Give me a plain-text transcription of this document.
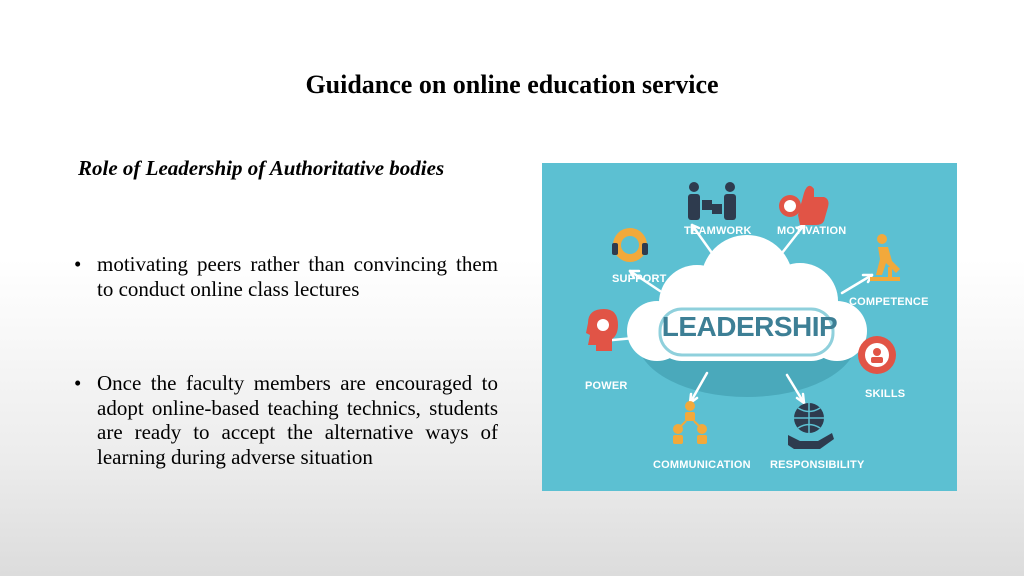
Guidance on online education service
Role of Leadership of Authoritative bodies
• motivating peers rather than convincing them to conduct online class lectures
• Once the faculty members are encouraged to adopt online-based teaching technics, students are ready to accept the alternative ways of learning during adverse situation
LEADERSHIP
TEAMWORK MOTIVATION
SUPPORT
COMPETENCE
POWER
SKILLS
COMMUNICATION RESPONSIBILITY
